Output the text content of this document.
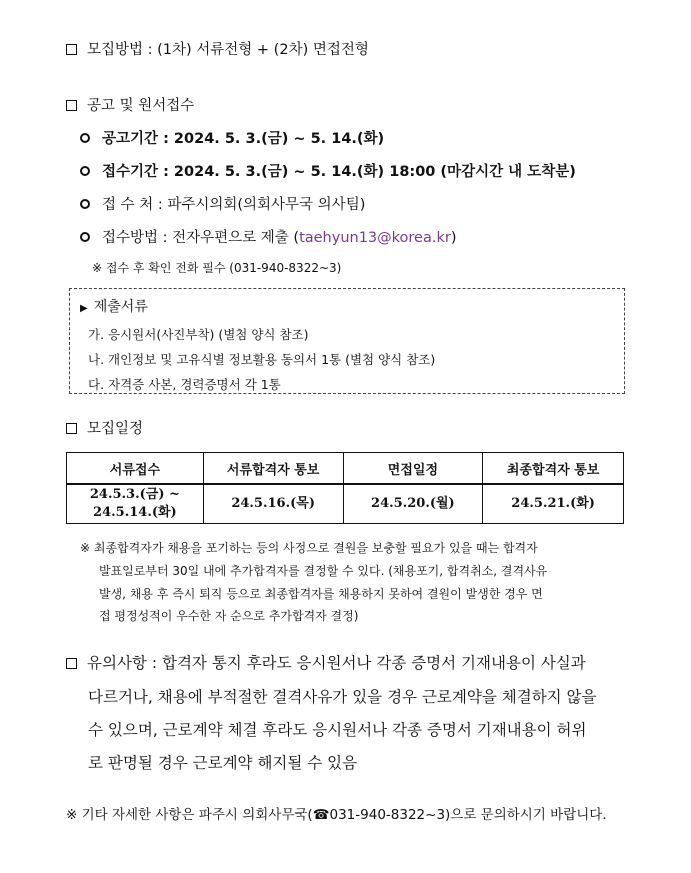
모집방법 : (1차) 서류전형 + (2차) 면접전형
공고 및 원서접수
공고기간 : 2024. 5. 3.(금) ~ 5. 14.(화)
접수기간 : 2024. 5. 3.(금) ~ 5. 14.(화) 18:00 (마감시간 내 도착분)
접 수 처 : 파주시의회(의회사무국 의사팀)
접수방법 : 전자우편으로 제출 (taehyun13@korea.kr)
※ 접수 후 확인 전화 필수 (031-940-8322~3)
▶ 제출서류
가. 응시원서(사진부착) (별첨 양식 참조)
나. 개인정보 및 고유식별 정보활용 동의서 1통 (별첨 양식 참조)
다. 자격증 사본, 경력증명서 각 1통
모집일정
서류접수	서류합격자 통보	면접일정	최종합격자 통보
24.5.3.(금) ~
24.5.14.(화)	24.5.16.(목)	24.5.20.(월)	24.5.21.(화)
※ 최종합격자가 채용을 포기하는 등의 사정으로 결원을 보충할 필요가 있을 때는 합격자
발표일로부터 30일 내에 추가합격자를 결정할 수 있다. (채용포기, 합격취소, 결격사유
발생, 채용 후 즉시 퇴직 등으로 최종합격자를 채용하지 못하여 결원이 발생한 경우 면
접 평정성적이 우수한 자 순으로 추가합격자 결정)
유의사항 : 합격자 통지 후라도 응시원서나 각종 증명서 기재내용이 사실과
다르거나, 채용에 부적절한 결격사유가 있을 경우 근로계약을 체결하지 않을
수 있으며, 근로계약 체결 후라도 응시원서나 각종 증명서 기재내용이 허위
로 판명될 경우 근로계약 해지될 수 있음
※ 기타 자세한 사항은 파주시 의회사무국(☎031-940-8322~3)으로 문의하시기 바랍니다.
